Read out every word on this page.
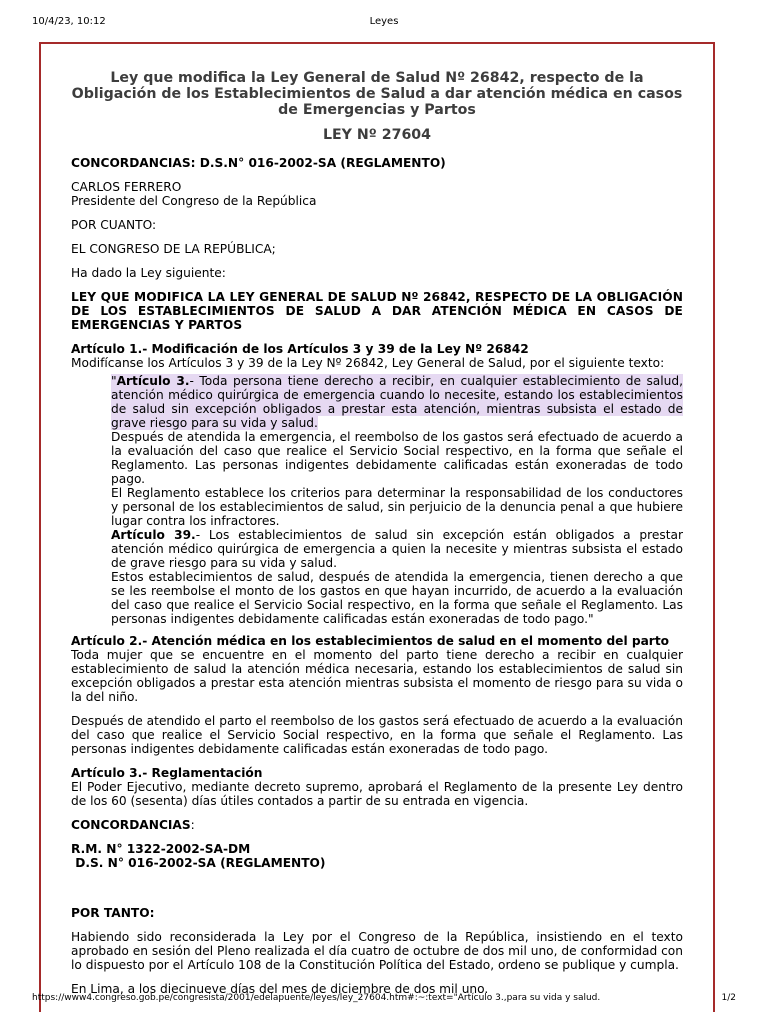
10/4/23, 10:12	Leyes
Ley que modifica la Ley General de Salud Nº 26842, respecto de la Obligación de los Establecimientos de Salud a dar atención médica en casos de Emergencias y Partos
LEY Nº 27604

CONCORDANCIAS: D.S.N° 016-2002-SA (REGLAMENTO)

CARLOS FERRERO
Presidente del Congreso de la República

POR CUANTO:

EL CONGRESO DE LA REPÚBLICA;

Ha dado la Ley siguiente:

LEY QUE MODIFICA LA LEY GENERAL DE SALUD Nº 26842, RESPECTO DE LA OBLIGACIÓN DE LOS ESTABLECIMIENTOS DE SALUD A DAR ATENCIÓN MÉDICA EN CASOS DE EMERGENCIAS Y PARTOS
Artículo 1.- Modificación de los Artículos 3 y 39 de la Ley Nº 26842

Modifícanse los Artículos 3 y 39 de la Ley Nº 26842, Ley General de Salud, por el siguiente texto:

"Artículo 3.- Toda persona tiene derecho a recibir, en cualquier establecimiento de salud, atención médico quirúrgica de emergencia cuando lo necesite, estando los establecimientos de salud sin excepción obligados a prestar esta atención, mientras subsista el estado de grave riesgo para su vida y salud.

Después de atendida la emergencia, el reembolso de los gastos será efectuado de acuerdo a la evaluación del caso que realice el Servicio Social respectivo, en la forma que señale el Reglamento. Las personas indigentes debidamente calificadas están exoneradas de todo pago.

El Reglamento establece los criterios para determinar la responsabilidad de los conductores y personal de los establecimientos de salud, sin perjuicio de la denuncia penal a que hubiere lugar contra los infractores.

Artículo 39.- Los establecimientos de salud sin excepción están obligados a prestar atención médico quirúrgica de emergencia a quien la necesite y mientras subsista el estado de grave riesgo para su vida y salud.

Estos establecimientos de salud, después de atendida la emergencia, tienen derecho a que se les reembolse el monto de los gastos en que hayan incurrido, de acuerdo a la evaluación del caso que realice el Servicio Social respectivo, en la forma que señale el Reglamento. Las personas indigentes debidamente calificadas están exoneradas de todo pago."

Artículo 2.- Atención médica en los establecimientos de salud en el momento del parto

Toda mujer que se encuentre en el momento del parto tiene derecho a recibir en cualquier establecimiento de salud la atención médica necesaria, estando los establecimientos de salud sin excepción obligados a prestar esta atención mientras subsista el momento de riesgo para su vida o la del niño.

Después de atendido el parto el reembolso de los gastos será efectuado de acuerdo a la evaluación del caso que realice el Servicio Social respectivo, en la forma que señale el Reglamento. Las personas indigentes debidamente calificadas están exoneradas de todo pago.

Artículo 3.- Reglamentación

El Poder Ejecutivo, mediante decreto supremo, aprobará el Reglamento de la presente Ley dentro de los 60 (sesenta) días útiles contados a partir de su entrada en vigencia.

CONCORDANCIAS:

R.M. N° 1322-2002-SA-DM
D.S. N° 016-2002-SA (REGLAMENTO)

POR TANTO:

Habiendo sido reconsiderada la Ley por el Congreso de la República, insistiendo en el texto aprobado en sesión del Pleno realizada el día cuatro de octubre de dos mil uno, de conformidad con lo dispuesto por el Artículo 108 de la Constitución Política del Estado, ordeno se publique y cumpla.

En Lima, a los diecinueve días del mes de diciembre de dos mil uno.

https://www4.congreso.gob.pe/congresista/2001/edelapuente/leyes/ley_27604.htm#:~:text="Artículo 3.,para su vida y salud.	1/2
